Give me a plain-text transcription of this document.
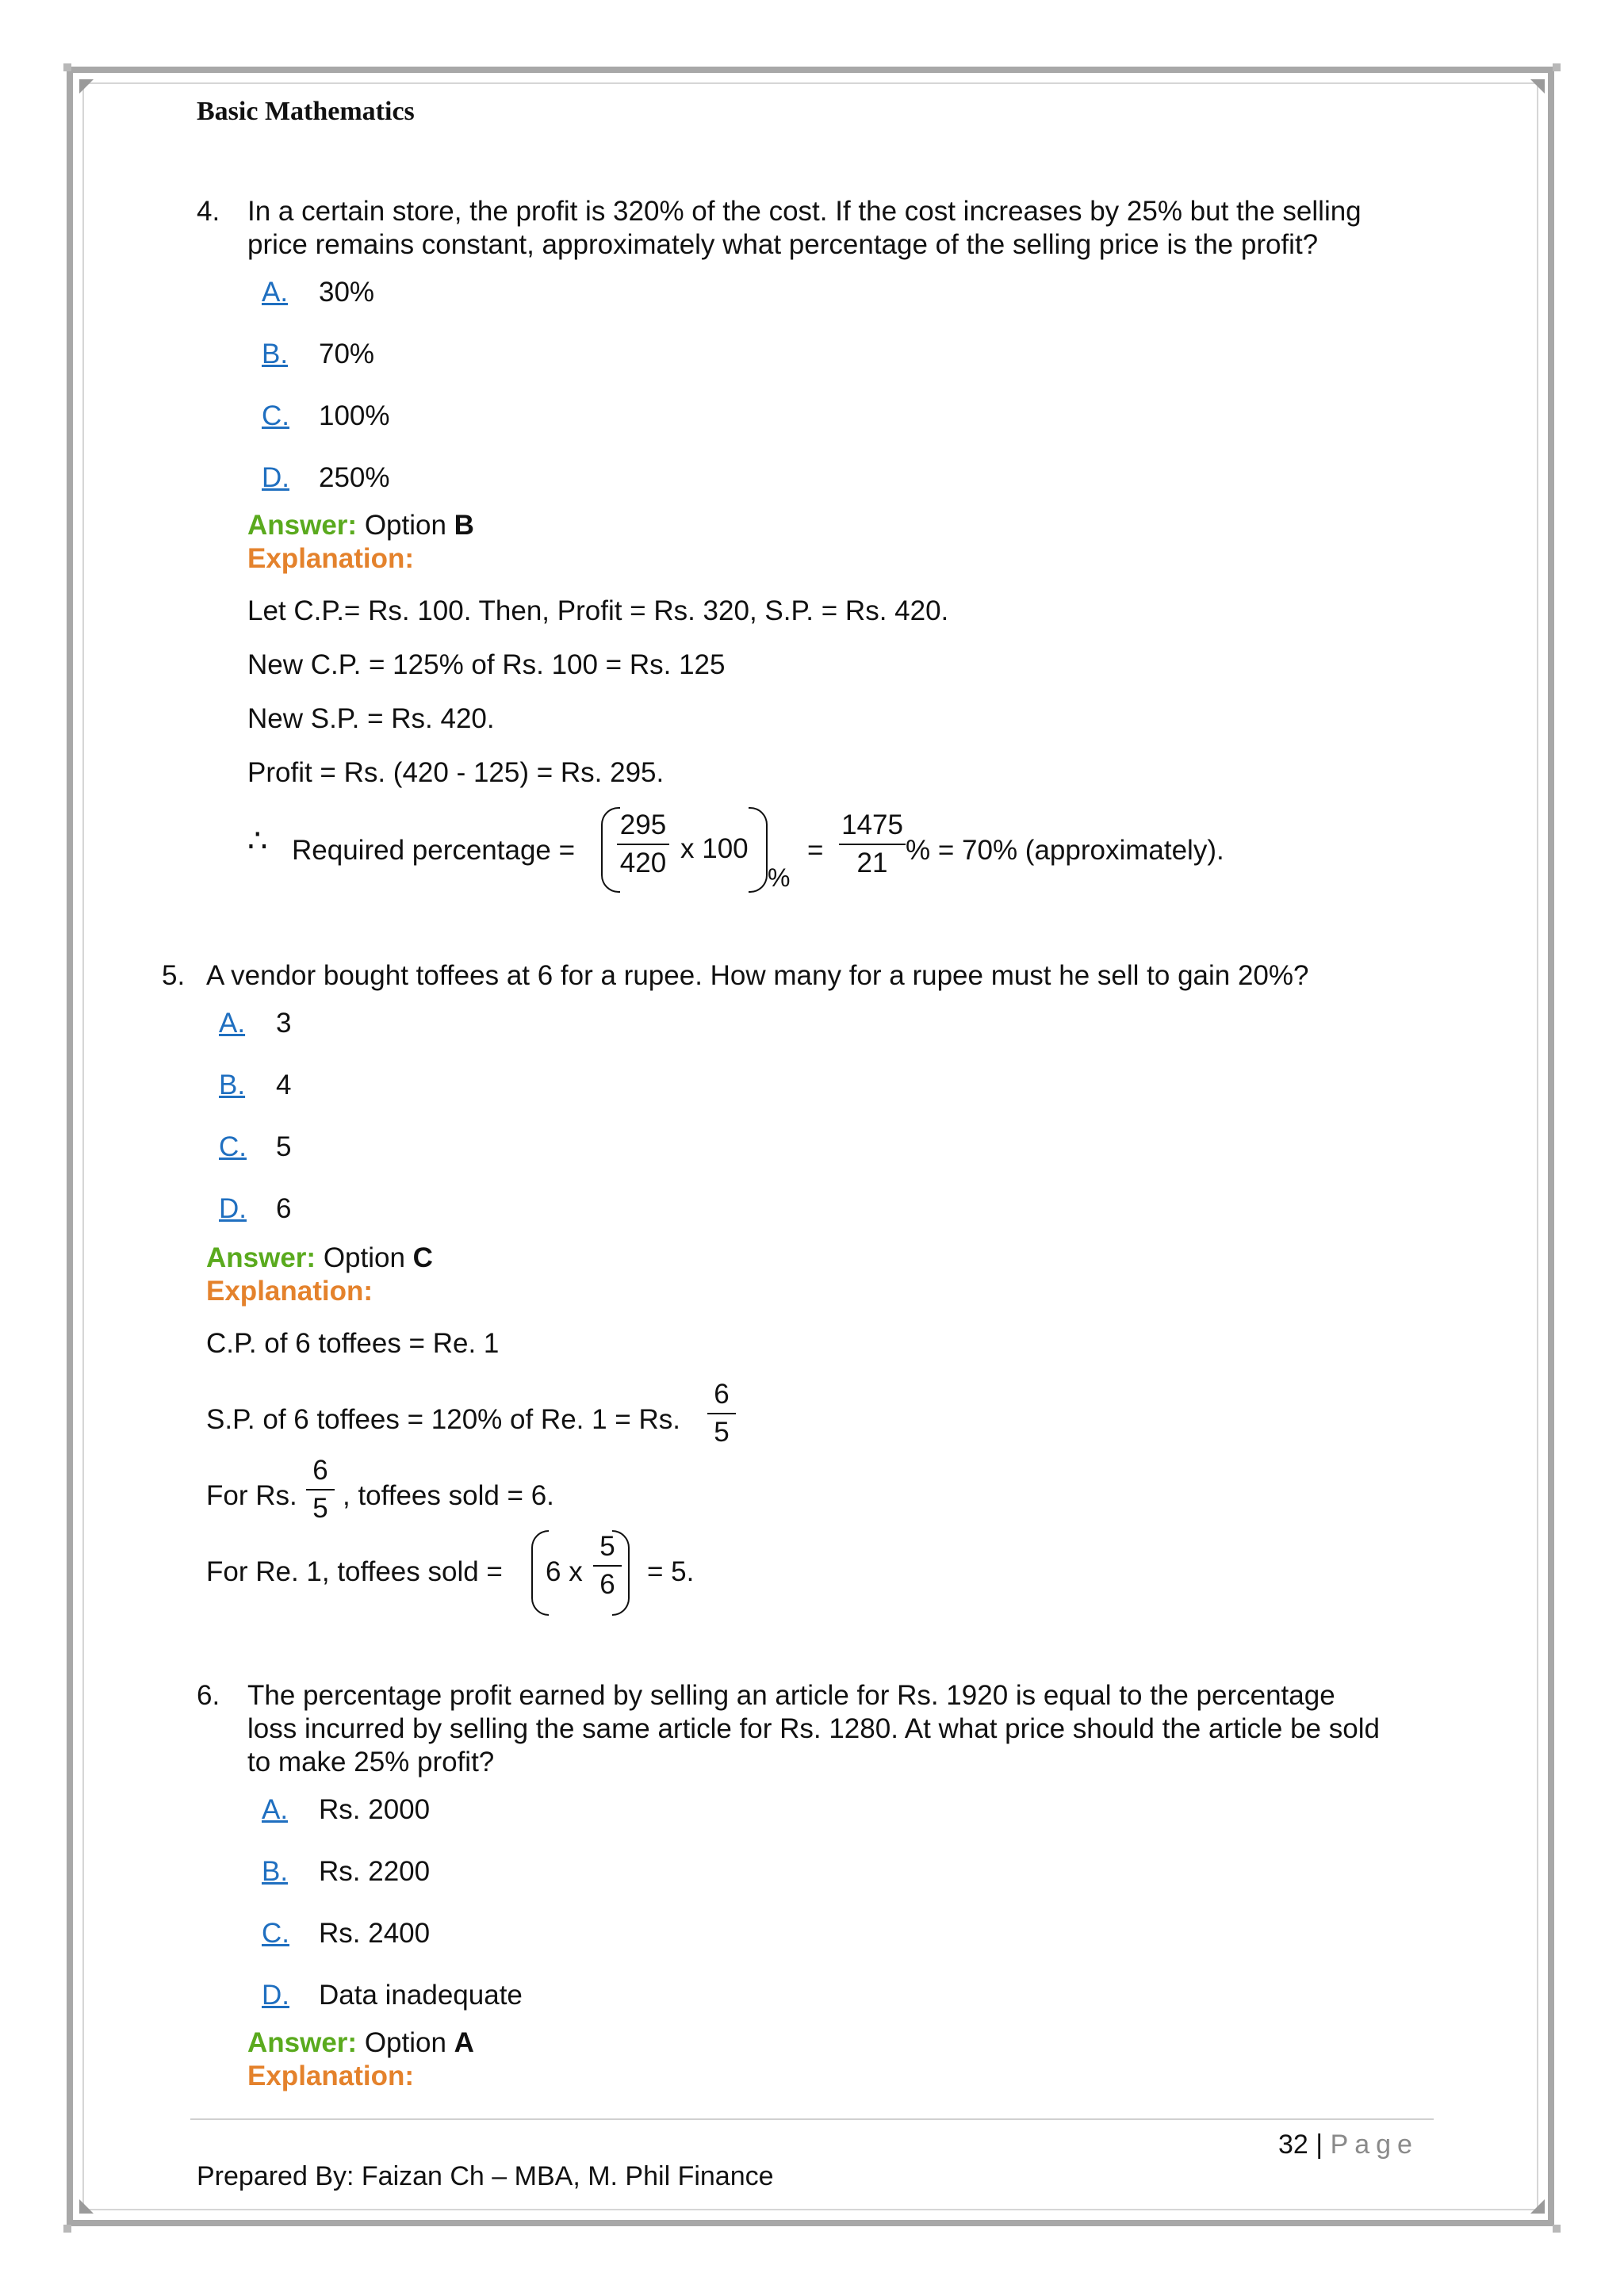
Basic Mathematics
4. In a certain store, the profit is 320% of the cost. If the cost increases by 25% but the selling
price remains constant, approximately what percentage of the selling price is the profit?
A. 30%
B. 70%
C. 100%
D. 250%
Answer: Option B
Explanation:
Let C.P.= Rs. 100. Then, Profit = Rs. 320, S.P. = Rs. 420.
New C.P. = 125% of Rs. 100 = Rs. 125
New S.P. = Rs. 420.
Profit = Rs. (420 - 125) = Rs. 295.
∴ Required percentage =
295
420 x 100
%
=
1475
21 % = 70% (approximately).
5. A vendor bought toffees at 6 for a rupee. How many for a rupee must he sell to gain 20%?
A. 3
B. 4
C. 5
D. 6
Answer: Option C
Explanation:
C.P. of 6 toffees = Re. 1
S.P. of 6 toffees = 120% of Re. 1 = Rs.
6
5
For Rs.
6
5 , toffees sold = 6.
For Re. 1, toffees sold = 6 x
5
6 = 5.
6. The percentage profit earned by selling an article for Rs. 1920 is equal to the percentage
loss incurred by selling the same article for Rs. 1280. At what price should the article be sold
to make 25% profit?
A. Rs. 2000
B. Rs. 2200
C. Rs. 2400
D. Data inadequate
Answer: Option A
Explanation:
32 | Page
Prepared By: Faizan Ch – MBA, M. Phil Finance
